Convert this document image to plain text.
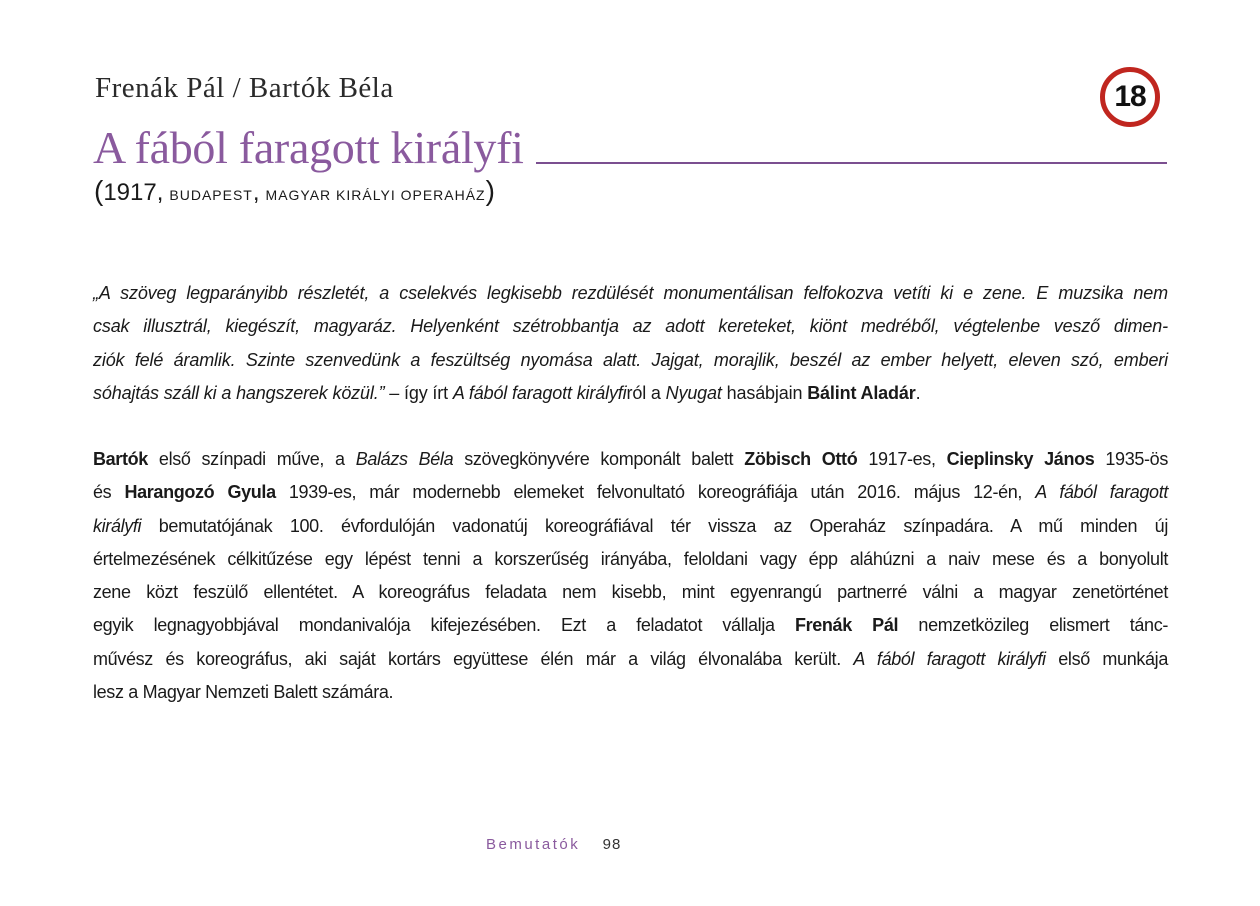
Frenák Pál / Bartók Béla	18
A fából faragott királyfi
( 1917, BUDAPEST , MAGYAR KIRÁLYI OPERAHÁZ )
„A szöveg legparányibb részletét, a cselekvés legkisebb rezdülését monumentálisan felfokozva vetíti ki e zene. E muzsika nem
csak illusztrál, kiegészít, magyaráz. Helyenként szétrobbantja az adott kereteket, kiönt medréből, végtelenbe vesző dimen-
ziók felé áramlik. Szinte szenvedünk a feszültség nyomása alatt. Jajgat, morajlik, beszél az ember helyett, eleven szó, emberi
sóhajtás száll ki a hangszerek közül.” – így írt A fából faragott királyfiról a Nyugat hasábjain Bálint Aladár.
Bartók első színpadi műve, a Balázs Béla szövegkönyvére komponált balett Zöbisch Ottó 1917-es, Cieplinsky János 1935-ös
és Harangozó Gyula 1939-es, már modernebb elemeket felvonultató koreográfiája után 2016. május 12-én, A fából faragott
királyfi bemutatójának 100. évfordulóján vadonatúj koreográfiával tér vissza az Operaház színpadára. A mű minden új
értelmezésének célkitűzése egy lépést tenni a korszerűség irányába, feloldani vagy épp aláhúzni a naiv mese és a bonyolult
zene közt feszülő ellentétet. A koreográfus feladata nem kisebb, mint egyenrangú partnerré válni a magyar zenetörténet
egyik legnagyobbjával mondanivalója kifejezésében. Ezt a feladatot vállalja Frenák Pál nemzetközileg elismert tánc-
művész és koreográfus, aki saját kortárs együttese élén már a világ élvonalába került. A fából faragott királyfi első munkája
lesz a Magyar Nemzeti Balett számára.
Bemutatók 98
